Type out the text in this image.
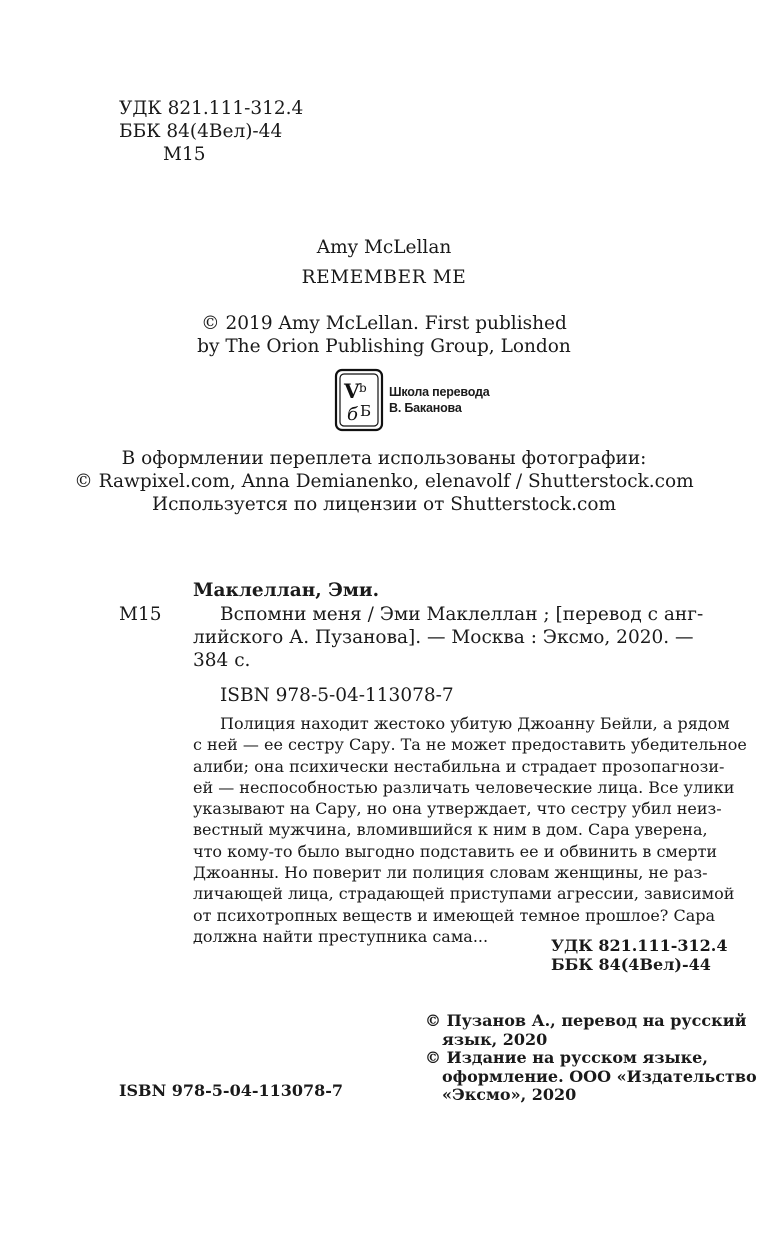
УДК 821.111-312.4
ББК 84(4Вел)-44
М15
Amy McLellan
REMEMBER ME
© 2019 Amy McLellan. First published
by The Orion Publishing Group, London
V b
б Б
Школа перевода
В. Баканова
В оформлении переплета использованы фотографии:
© Rawpixel.com, Anna Demianenko, elenavolf / Shutterstock.com
Используется по лицензии от Shutterstock.com
Маклеллан, Эми.
М15	Вспомни меня / Эми Маклеллан ; [перевод с анг-
лийского А. Пузанова]. — Москва : Эксмо, 2020. —
384 с.
ISBN 978-5-04-113078-7
Полиция находит жестоко убитую Джоанну Бейли, а рядом
с ней — ее сестру Сару. Та не может предоставить убедительное
алиби; она психически нестабильна и страдает прозопагнози-
ей — неспособностью различать человеческие лица. Все улики
указывают на Сару, но она утверждает, что сестру убил неиз-
вестный мужчина, вломившийся к ним в дом. Сара уверена,
что кому-то было выгодно подставить ее и обвинить в смерти
Джоанны. Но поверит ли полиция словам женщины, не раз-
личающей лица, страдающей приступами агрессии, зависимой
от психотропных веществ и имеющей темное прошлое? Сара
должна найти преступника сама...	УДК 821.111-312.4
ББК 84(4Вел)-44
© Пузанов А., перевод на русский
язык, 2020
© Издание на русском языке,
оформление. ООО «Издательство
«Эксмо», 2020
ISBN 978-5-04-113078-7
